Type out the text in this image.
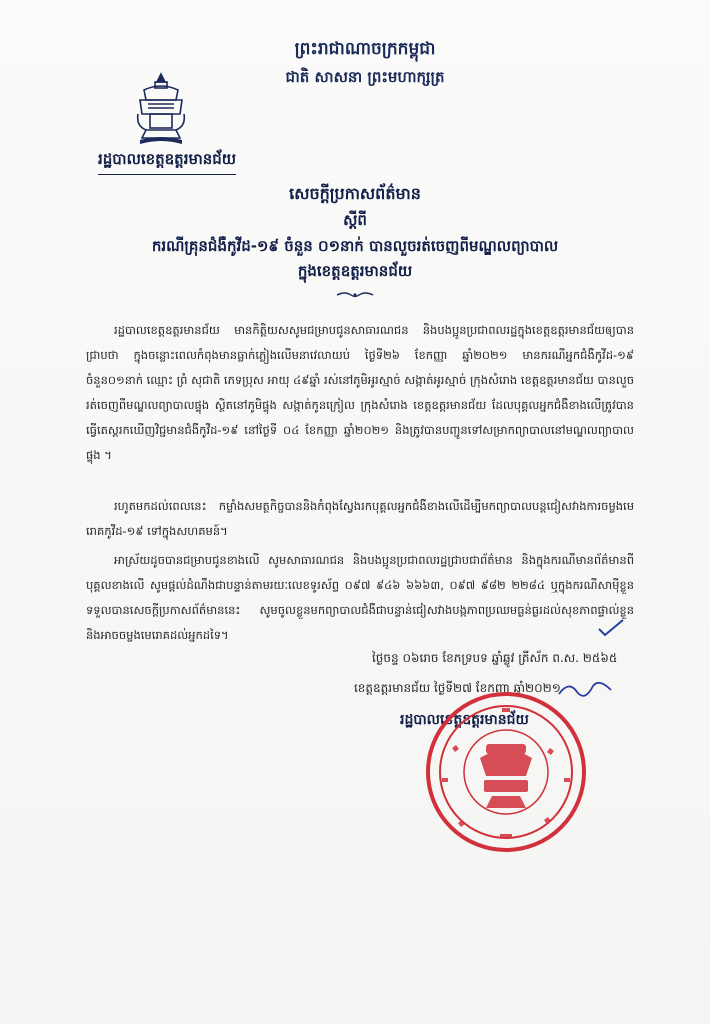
ព្រះរាជាណាចក្រកម្ពុជា
ជាតិ សាសនា ព្រះមហាក្សត្រ
រដ្ឋបាលខេត្តឧត្តរមានជ័យ
សេចក្តីប្រកាសព័ត៌មាន
ស្តីពី
ករណីគ្រុនជំងឺកូវីដ-១៩ ចំនួន ០១នាក់ បានលួចរត់ចេញពីមណ្ឌលព្យាបាល
ក្នុងខេត្តឧត្តរមានជ័យ
រដ្ឋបាលខេត្តឧត្តរមានជ័យ មានកិត្តិយសសូមជម្រាបជូនសាធារណជន និងបងប្អូនប្រជាពលរដ្ឋក្នុងខេត្តឧត្តរមានជ័យឲ្យបានជ្រាបថា ក្នុងចន្លោះពេលកំពុងមានធ្លាក់ភ្លៀងលើមនាវេលាយប់ ថ្ងៃទី២៦ ខែកញ្ញា ឆ្នាំ២០២១ មានករណីអ្នកជំងឺកូវីដ-១៩ ចំនួន០១នាក់ ឈ្មោះ ព្រំ សុជាតិ ភេទប្រុស អាយុ ៤៩ឆ្នាំ រស់នៅភូមិអូរស្មាច់ សង្កាត់អូរស្មាច់ ក្រុងសំរោង ខេត្តឧត្តរមានជ័យ បានលួចរត់ចេញពីមណ្ឌលព្យាបាលផ្ទុង ស្ថិតនៅភូមិផ្ទុង សង្កាត់កូនក្រៀល ក្រុងសំរោង ខេត្តឧត្តរមានជ័យ ដែលបុគ្គលអ្នកជំងឺខាងលើត្រូវបានធ្វើតេស្តរកឃើញវិជ្ជមានជំងឺកូវីដ-១៩ នៅថ្ងៃទី ០៤ ខែកញ្ញា ឆ្នាំ២០២១ និងត្រូវបានបញ្ជូនទៅសម្រាកព្យាបាលនៅមណ្ឌលព្យាបាលផ្ទុង ។
រហូតមកដល់ពេលនេះ កម្លាំងសមត្ថកិច្ចបាននិងកំពុងស្វែងរកបុគ្គលអ្នកជំងឺខាងលើដើម្បីមកព្យាបាលបន្តជៀសវាងការចម្លងមេរោគកូវីដ-១៩ ទៅក្នុងសហគមន៍។
អាស្រ័យដូចបានជម្រាបជូនខាងលើ សូមសាធារណជន និងបងប្អូនប្រជាពលរដ្ឋជ្រាបជាព័ត៌មាន និងក្នុងករណីមានព័ត៌មានពីបុគ្គលខាងលើ សូមផ្តល់ដំណឹងជាបន្ទាន់តាមរយៈលេខទូរស័ព្ទ ០៩៧ ៩៤៦ ៦៦៦៣, ០៩៧ ៩៨២ ២២៨៤ ឬក្នុងករណីសាម៉ីខ្លួនទទួលបានសេចក្តីប្រកាសព័ត៌មាននេះ សូមចូលខ្លួនមកព្យាបាលជំងឺជាបន្ទាន់ជៀសវាងបង្កភាពប្រឈមធ្ងន់ធ្ងរដល់សុខភាពផ្ទាល់ខ្លួន និងអាចចម្លងមេរោគដល់អ្នកដទៃ។
ថ្ងៃចន្ទ ០៦រោច ខែភទ្របទ ឆ្នាំឆ្លូវ ត្រីស័ក ព.ស. ២៥៦៥
ខេត្តឧត្តរមានជ័យ ថ្ងៃទី២៧ ខែកញ្ញា ឆ្នាំ២០២១
រដ្ឋបាលខេត្តឧត្តរមានជ័យ
